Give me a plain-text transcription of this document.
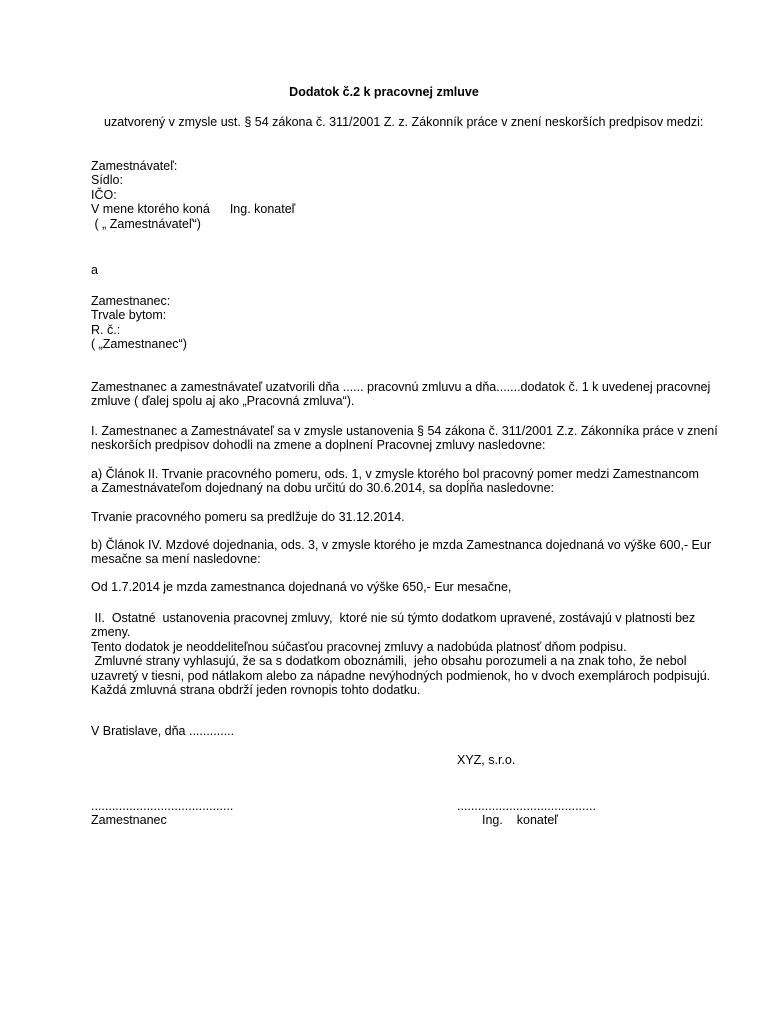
Dodatok č.2 k pracovnej zmluve
uzatvorený v zmysle ust. § 54 zákona č. 311/2001 Z. z. Zákonník práce v znení neskorších predpisov medzi:
Zamestnávateľ:
Sídlo:
IČO:
V mene ktorého koná Ing. konateľ
( „ Zamestnávateľ“)
a
Zamestnanec:
Trvale bytom:
R. č.:
( „Zamestnanec“)
Zamestnanec a zamestnávateľ uzatvorili dňa ...... pracovnú zmluvu a dňa.......dodatok č. 1 k uvedenej pracovnej
zmluve ( ďalej spolu aj ako „Pracovná zmluva“).
I. Zamestnanec a Zamestnávateľ sa v zmysle ustanovenia § 54 zákona č. 311/2001 Z.z. Zákonníka práce v znení
neskorších predpisov dohodli na zmene a doplnení Pracovnej zmluvy nasledovne:
a) Článok II. Trvanie pracovného pomeru, ods. 1, v zmysle ktorého bol pracovný pomer medzi Zamestnancom
a Zamestnávateľom dojednaný na dobu určitú do 30.6.2014, sa dopĺňa nasledovne:
Trvanie pracovného pomeru sa predlžuje do 31.12.2014.
b) Článok IV. Mzdové dojednania, ods. 3, v zmysle ktorého je mzda Zamestnanca dojednaná vo výške 600,- Eur
mesačne sa mení nasledovne:
Od 1.7.2014 je mzda zamestnanca dojednaná vo výške 650,- Eur mesačne,
II.  Ostatné  ustanovenia pracovnej zmluvy,  ktoré nie sú týmto dodatkom upravené, zostávajú v platnosti bez
zmeny.
Tento dodatok je neoddeliteľnou súčasťou pracovnej zmluvy a nadobúda platnosť dňom podpisu.
Zmluvné strany vyhlasujú, že sa s dodatkom oboznámili,  jeho obsahu porozumeli a na znak toho, že nebol
uzavretý v tiesni, pod nátlakom alebo za nápadne nevýhodných podmienok, ho v dvoch exemplároch podpisujú.
Každá zmluvná strana obdrží jeden rovnopis tohto dodatku.
V Bratislave, dňa .............
XYZ, s.r.o.
.........................................	........................................
Zamestnanec	Ing.    konateľ
